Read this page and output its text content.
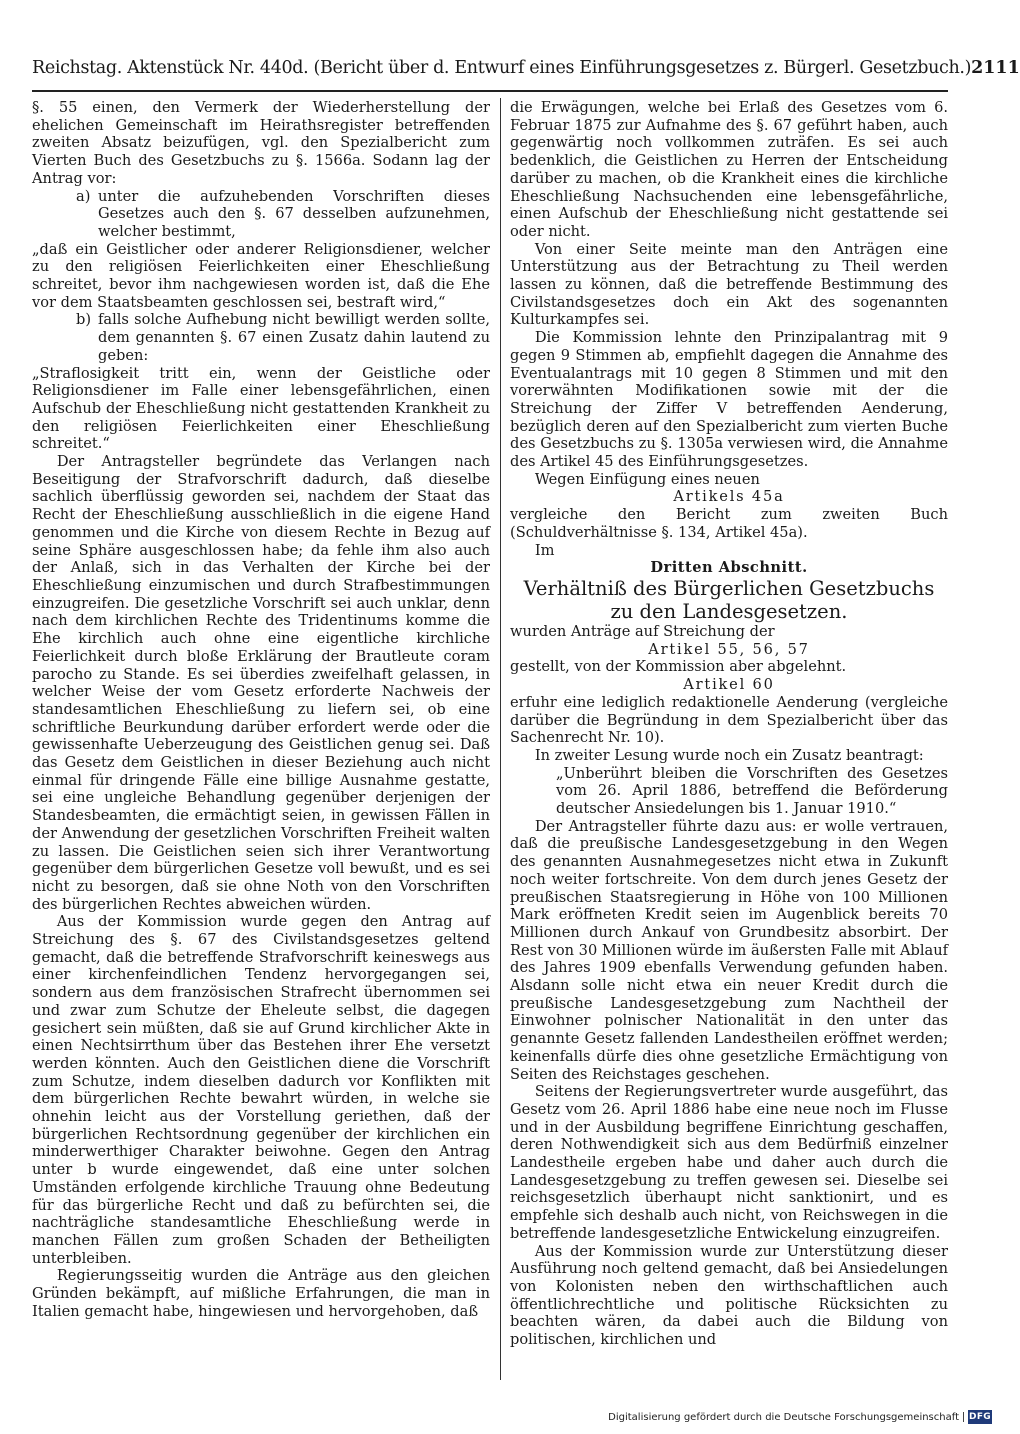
Reichstag. Aktenstück Nr. 440d. (Bericht über d. Entwurf eines Einführungsgesetzes z. Bürgerl. Gesetzbuch.) 2111

§. 55 einen, den Vermerk der Wiederherstellung der ehelichen Gemeinschaft im Heirathsregister betreffenden zweiten Absatz beizufügen, vgl. den Spezialbericht zum Vierten Buch des Gesetzbuchs zu §. 1566a. Sodann lag der Antrag vor:

a) unter die aufzuhebenden Vorschriften dieses Gesetzes auch den §. 67 desselben aufzunehmen, welcher bestimmt,

„daß ein Geistlicher oder anderer Religionsdiener, welcher zu den religiösen Feierlichkeiten einer Eheschließung schreitet, bevor ihm nachgewiesen worden ist, daß die Ehe vor dem Staatsbeamten geschlossen sei, bestraft wird,“

b) falls solche Aufhebung nicht bewilligt werden sollte, dem genannten §. 67 einen Zusatz dahin lautend zu geben:

„Straflosigkeit tritt ein, wenn der Geistliche oder Religionsdiener im Falle einer lebensgefährlichen, einen Aufschub der Eheschließung nicht gestattenden Krankheit zu den religiösen Feierlichkeiten einer Eheschließung schreitet.“

Der Antragsteller begründete das Verlangen nach Beseitigung der Strafvorschrift dadurch, daß dieselbe sachlich überflüssig geworden sei, nachdem der Staat das Recht der Eheschließung ausschließlich in die eigene Hand genommen und die Kirche von diesem Rechte in Bezug auf seine Sphäre ausgeschlossen habe; da fehle ihm also auch der Anlaß, sich in das Verhalten der Kirche bei der Eheschließung einzumischen und durch Strafbestimmungen einzugreifen. Die gesetzliche Vorschrift sei auch unklar, denn nach dem kirchlichen Rechte des Tridentinums komme die Ehe kirchlich auch ohne eine eigentliche kirchliche Feierlichkeit durch bloße Erklärung der Brautleute coram parocho zu Stande. Es sei überdies zweifelhaft gelassen, in welcher Weise der vom Gesetz erforderte Nachweis der standesamtlichen Eheschließung zu liefern sei, ob eine schriftliche Beurkundung darüber erfordert werde oder die gewissenhafte Ueberzeugung des Geistlichen genug sei. Daß das Gesetz dem Geistlichen in dieser Beziehung auch nicht einmal für dringende Fälle eine billige Ausnahme gestatte, sei eine ungleiche Behandlung gegenüber derjenigen der Standesbeamten, die ermächtigt seien, in gewissen Fällen in der Anwendung der gesetzlichen Vorschriften Freiheit walten zu lassen. Die Geistlichen seien sich ihrer Verantwortung gegenüber dem bürgerlichen Gesetze voll bewußt, und es sei nicht zu besorgen, daß sie ohne Noth von den Vorschriften des bürgerlichen Rechtes abweichen würden.

Aus der Kommission wurde gegen den Antrag auf Streichung des §. 67 des Civilstandsgesetzes geltend gemacht, daß die betreffende Strafvorschrift keineswegs aus einer kirchenfeindlichen Tendenz hervorgegangen sei, sondern aus dem französischen Strafrecht übernommen sei und zwar zum Schutze der Eheleute selbst, die dagegen gesichert sein müßten, daß sie auf Grund kirchlicher Akte in einen Nechtsirrthum über das Bestehen ihrer Ehe versetzt werden könnten. Auch den Geistlichen diene die Vorschrift zum Schutze, indem dieselben dadurch vor Konflikten mit dem bürgerlichen Rechte bewahrt würden, in welche sie ohnehin leicht aus der Vorstellung geriethen, daß der bürgerlichen Rechtsordnung gegenüber der kirchlichen ein minderwerthiger Charakter beiwohne. Gegen den Antrag unter b wurde eingewendet, daß eine unter solchen Umständen erfolgende kirchliche Trauung ohne Bedeutung für das bürgerliche Recht und daß zu befürchten sei, die nachträgliche standesamtliche Eheschließung werde in manchen Fällen zum großen Schaden der Betheiligten unterbleiben.

Regierungsseitig wurden die Anträge aus den gleichen Gründen bekämpft, auf mißliche Erfahrungen, die man in Italien gemacht habe, hingewiesen und hervorgehoben, daß

die Erwägungen, welche bei Erlaß des Gesetzes vom 6. Februar 1875 zur Aufnahme des §. 67 geführt haben, auch gegenwärtig noch vollkommen zuträfen. Es sei auch bedenklich, die Geistlichen zu Herren der Entscheidung darüber zu machen, ob die Krankheit eines die kirchliche Eheschließung Nachsuchenden eine lebensgefährliche, einen Aufschub der Eheschließung nicht gestattende sei oder nicht.

Von einer Seite meinte man den Anträgen eine Unterstützung aus der Betrachtung zu Theil werden lassen zu können, daß die betreffende Bestimmung des Civilstandsgesetzes doch ein Akt des sogenannten Kulturkampfes sei.

Die Kommission lehnte den Prinzipalantrag mit 9 gegen 9 Stimmen ab, empfiehlt dagegen die Annahme des Eventualantrags mit 10 gegen 8 Stimmen und mit den vorerwähnten Modifikationen sowie mit der die Streichung der Ziffer V betreffenden Aenderung, bezüglich deren auf den Spezialbericht zum vierten Buche des Gesetzbuchs zu §. 1305a verwiesen wird, die Annahme des Artikel 45 des Einführungsgesetzes.

Wegen Einfügung eines neuen

Artikels 45a

vergleiche den Bericht zum zweiten Buch (Schuldverhältnisse §. 134, Artikel 45a).

Im

Dritten Abschnitt.

Verhältniß des Bürgerlichen Gesetzbuchs zu den Landesgesetzen.

wurden Anträge auf Streichung der

Artikel 55, 56, 57

gestellt, von der Kommission aber abgelehnt.

Artikel 60

erfuhr eine lediglich redaktionelle Aenderung (vergleiche darüber die Begründung in dem Spezialbericht über das Sachenrecht Nr. 10).

In zweiter Lesung wurde noch ein Zusatz beantragt:

„Unberührt bleiben die Vorschriften des Gesetzes vom 26. April 1886, betreffend die Beförderung deutscher Ansiedelungen bis 1. Januar 1910.“

Der Antragsteller führte dazu aus: er wolle vertrauen, daß die preußische Landesgesetzgebung in den Wegen des genannten Ausnahmegesetzes nicht etwa in Zukunft noch weiter fortschreite. Von dem durch jenes Gesetz der preußischen Staatsregierung in Höhe von 100 Millionen Mark eröffneten Kredit seien im Augenblick bereits 70 Millionen durch Ankauf von Grundbesitz absorbirt. Der Rest von 30 Millionen würde im äußersten Falle mit Ablauf des Jahres 1909 ebenfalls Verwendung gefunden haben. Alsdann solle nicht etwa ein neuer Kredit durch die preußische Landesgesetzgebung zum Nachtheil der Einwohner polnischer Nationalität in den unter das genannte Gesetz fallenden Landestheilen eröffnet werden; keinenfalls dürfe dies ohne gesetzliche Ermächtigung von Seiten des Reichstages geschehen.

Seitens der Regierungsvertreter wurde ausgeführt, das Gesetz vom 26. April 1886 habe eine neue noch im Flusse und in der Ausbildung begriffene Einrichtung geschaffen, deren Nothwendigkeit sich aus dem Bedürfniß einzelner Landestheile ergeben habe und daher auch durch die Landesgesetzgebung zu treffen gewesen sei. Dieselbe sei reichsgesetzlich überhaupt nicht sanktionirt, und es empfehle sich deshalb auch nicht, von Reichswegen in die betreffende landesgesetzliche Entwickelung einzugreifen.

Aus der Kommission wurde zur Unterstützung dieser Ausführung noch geltend gemacht, daß bei Ansiedelungen von Kolonisten neben den wirthschaftlichen auch öffentlichrechtliche und politische Rücksichten zu beachten wären, da dabei auch die Bildung von politischen, kirchlichen und

Digitalisierung gefördert durch die Deutsche Forschungsgemeinschaft DFG
